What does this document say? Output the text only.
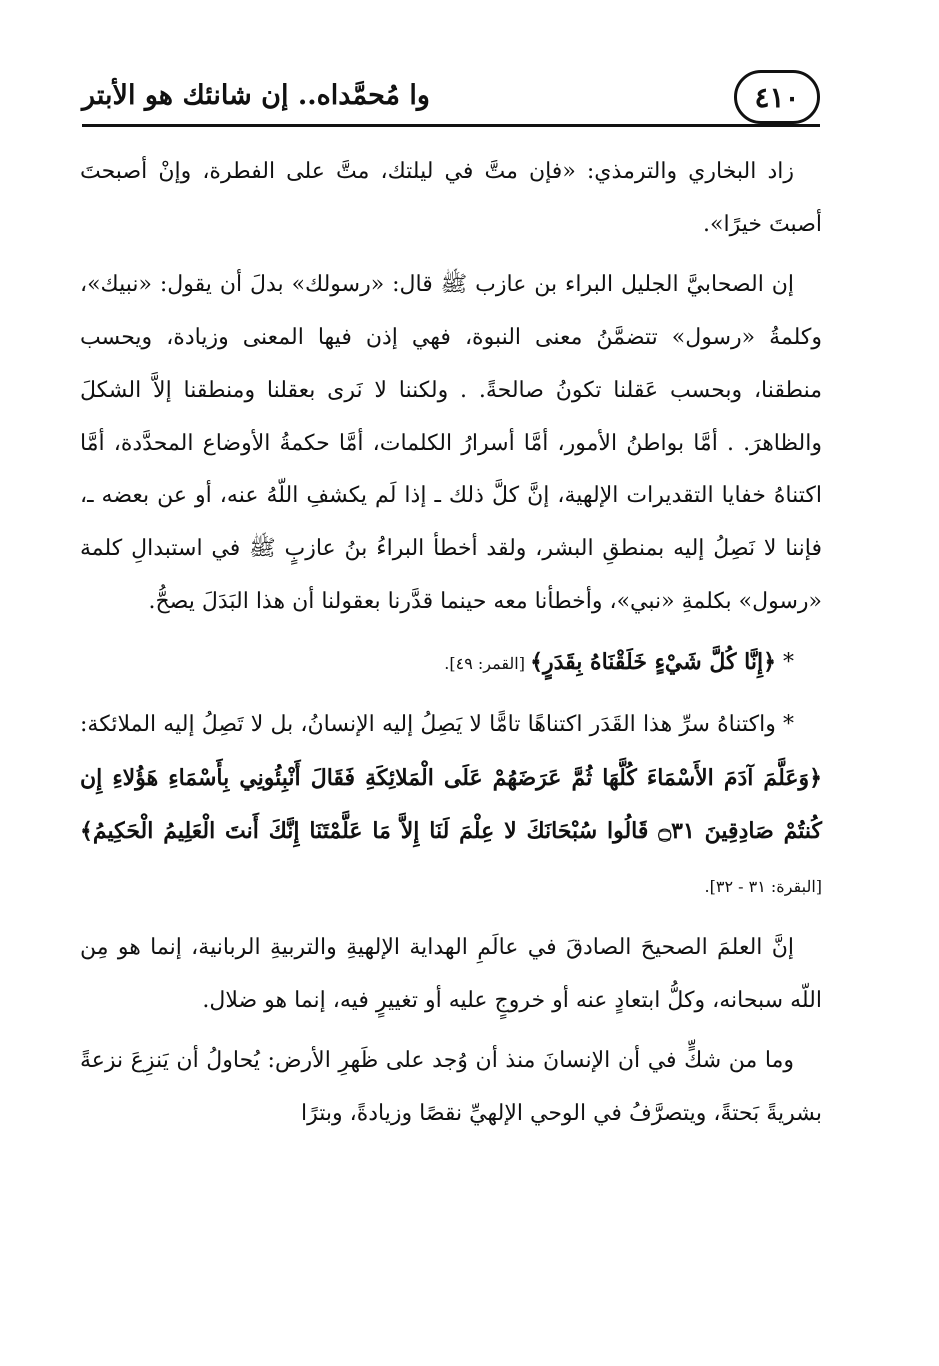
٤١٠
وا مُحمَّداه.. إن شانئك هو الأبتر

زاد البخاري والترمذي: «فإن متَّ في ليلتك، متَّ على الفطرة، وإنْ أصبحتَ أصبتَ خيرًا».

إن الصحابيَّ الجليل البراء بن عازب ﷺ قال: «رسولك» بدلَ أن يقول: «نبيك»، وكلمةُ «رسول» تتضمَّنُ معنى النبوة، فهي إذن فيها المعنى وزيادة، ويحسب منطقنا، وبحسب عَقلنا تكونُ صالحةً. . ولكننا لا نَرى بعقلنا ومنطقنا إلاَّ الشكلَ والظاهرَ. . أمَّا بواطنُ الأمور، أمَّا أسرارُ الكلمات، أمَّا حكمةُ الأوضاع المحدَّدة، أمَّا اكتناهُ خفايا التقديرات الإلهية، إنَّ كلَّ ذلك ـ إذا لَم يكشفِ اللّهُ عنه، أو عن بعضه ـ، فإننا لا نَصِلُ إليه بمنطقِ البشر، ولقد أخطأ البراءُ بنُ عازبٍ ﷺ في استبدالِ كلمة «رسول» بكلمةِ «نبي»، وأخطأنا معه حينما قدَّرنا بعقولنا أن هذا البَدَلَ يصحُّ.

* ﴿إِنَّا كُلَّ شَيْءٍ خَلَقْنَاهُ بِقَدَرٍ﴾ [القمر: ٤٩].

* واكتناهُ سرِّ هذا القَدَر اكتناهًا تامًّا لا يَصِلُ إليه الإنسانُ، بل لا تَصِلُ إليه الملائكة: ﴿وَعَلَّمَ آدَمَ الأَسْمَاءَ كُلَّهَا ثُمَّ عَرَضَهُمْ عَلَى الْمَلائِكَةِ فَقَالَ أَنْبِئُونِي بِأَسْمَاءِ هَؤُلاءِ إِن كُنتُمْ صَادِقِينَ ۝٣١ قَالُوا سُبْحَانَكَ لا عِلْمَ لَنَا إِلاَّ مَا عَلَّمْتَنَا إِنَّكَ أَنتَ الْعَلِيمُ الْحَكِيمُ﴾ [البقرة: ٣١ - ٣٢].

إنَّ العلمَ الصحيحَ الصادقَ في عالَمِ الهداية الإلهيةِ والتربيةِ الربانية، إنما هو مِن اللّه سبحانه، وكلُّ ابتعادٍ عنه أو خروجٍ عليه أو تغييرٍ فيه، إنما هو ضلال.

وما من شكٍّ في أن الإنسانَ منذ أن وُجد على ظَهرِ الأرض: يُحاولُ أن يَنزِعَ نزعةً بشريةً بَحتةً، ويتصرَّفُ في الوحي الإلهيِّ نقصًا وزيادةً، وبترًا
